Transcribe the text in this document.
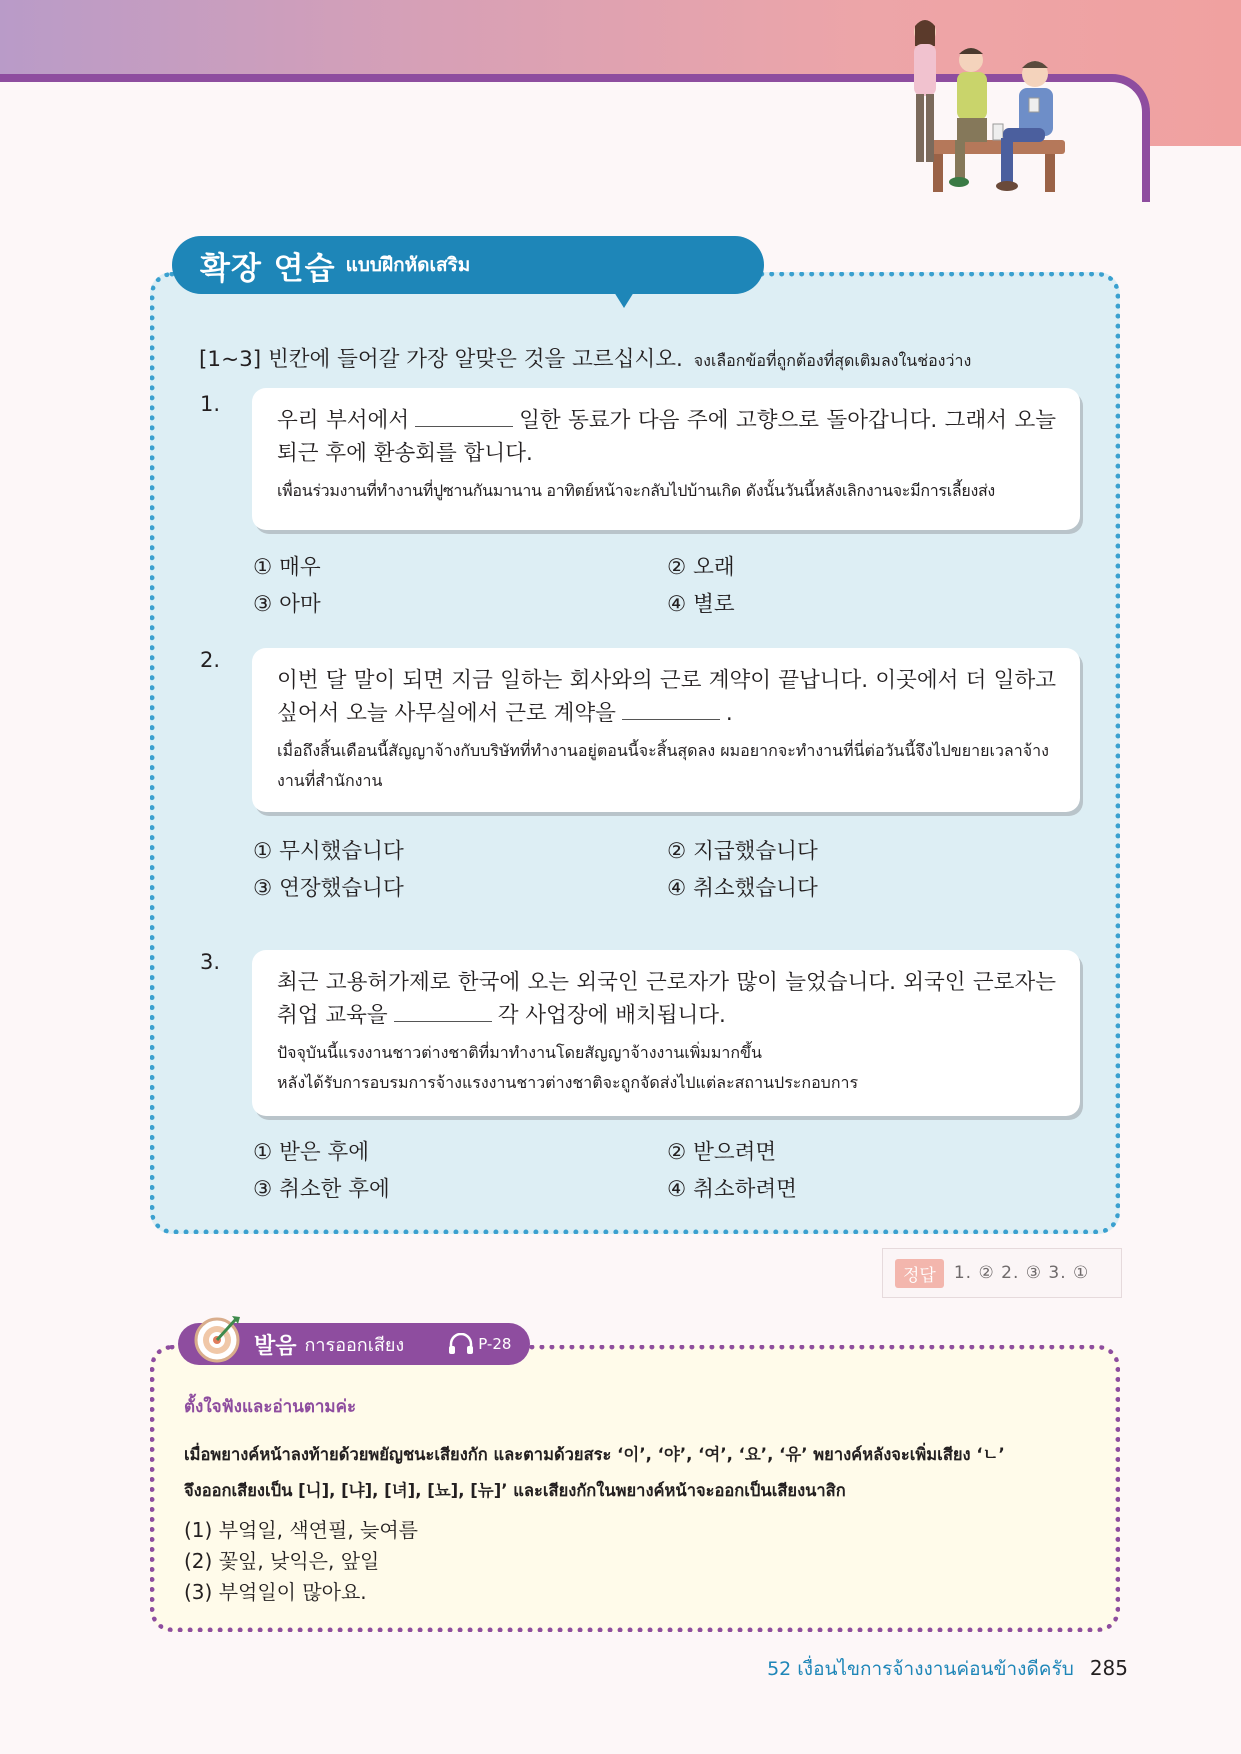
확장 연습 แบบฝึกหัดเสริม
[1~3] 빈칸에 들어갈 가장 알맞은 것을 고르십시오. จงเลือกข้อที่ถูกต้องที่สุดเติมลงในช่องว่าง
1.
우리 부서에서	일한 동료가 다음 주에 고향으로 돌아갑니다. 그래서 오늘 퇴근 후에 환송회를 합니다.
เพื่อนร่วมงานที่ทำงานที่ปูซานกันมานาน อาทิตย์หน้าจะกลับไปบ้านเกิด ดังนั้นวันนี้หลังเลิกงานจะมีการเลี้ยงส่ง
① 매우	② 오래
③ 아마	④ 별로
2.
이번 달 말이 되면 지금 일하는 회사와의 근로 계약이 끝납니다. 이곳에서 더 일하고 싶어서 오늘 사무실에서 근로 계약을	.
เมื่อถึงสิ้นเดือนนี้สัญญาจ้างกับบริษัทที่ทำงานอยู่ตอนนี้จะสิ้นสุดลง ผมอยากจะทำงานที่นี่ต่อวันนี้จึงไปขยายเวลาจ้างงานที่สำนักงาน
① 무시했습니다	② 지급했습니다
③ 연장했습니다	④ 취소했습니다
3.
최근 고용허가제로 한국에 오는 외국인 근로자가 많이 늘었습니다. 외국인 근로자는 취업 교육을	각 사업장에 배치됩니다.
ปัจจุบันนี้แรงงานชาวต่างชาติที่มาทำงานโดยสัญญาจ้างงานเพิ่มมากขึ้น
หลังได้รับการอบรมการจ้างแรงงานชาวต่างชาติจะถูกจัดส่งไปแต่ละสถานประกอบการ
① 받은 후에	② 받으려면
③ 취소한 후에	④ 취소하려면
정답	1. ② 2. ③ 3. ①
발음 การออกเสียง	P-28
ตั้งใจฟังและอ่านตามค่ะ
เมื่อพยางค์หน้าลงท้ายด้วยพยัญชนะเสียงกัก และตามด้วยสระ ‘이’, ‘야’, ‘여’, ‘요’, ‘유’ พยางค์หลังจะเพิ่มเสียง ‘ㄴ’
จึงออกเสียงเป็น [니], [냐], [녀], [뇨], [뉴]’ และเสียงกักในพยางค์หน้าจะออกเป็นเสียงนาสิก
(1) 부엌일, 색연필, 늦여름
(2) 꽃잎, 낮익은, 앞일
(3) 부엌일이 많아요.
52 เงื่อนไขการจ้างงานค่อนข้างดีครับ 285
